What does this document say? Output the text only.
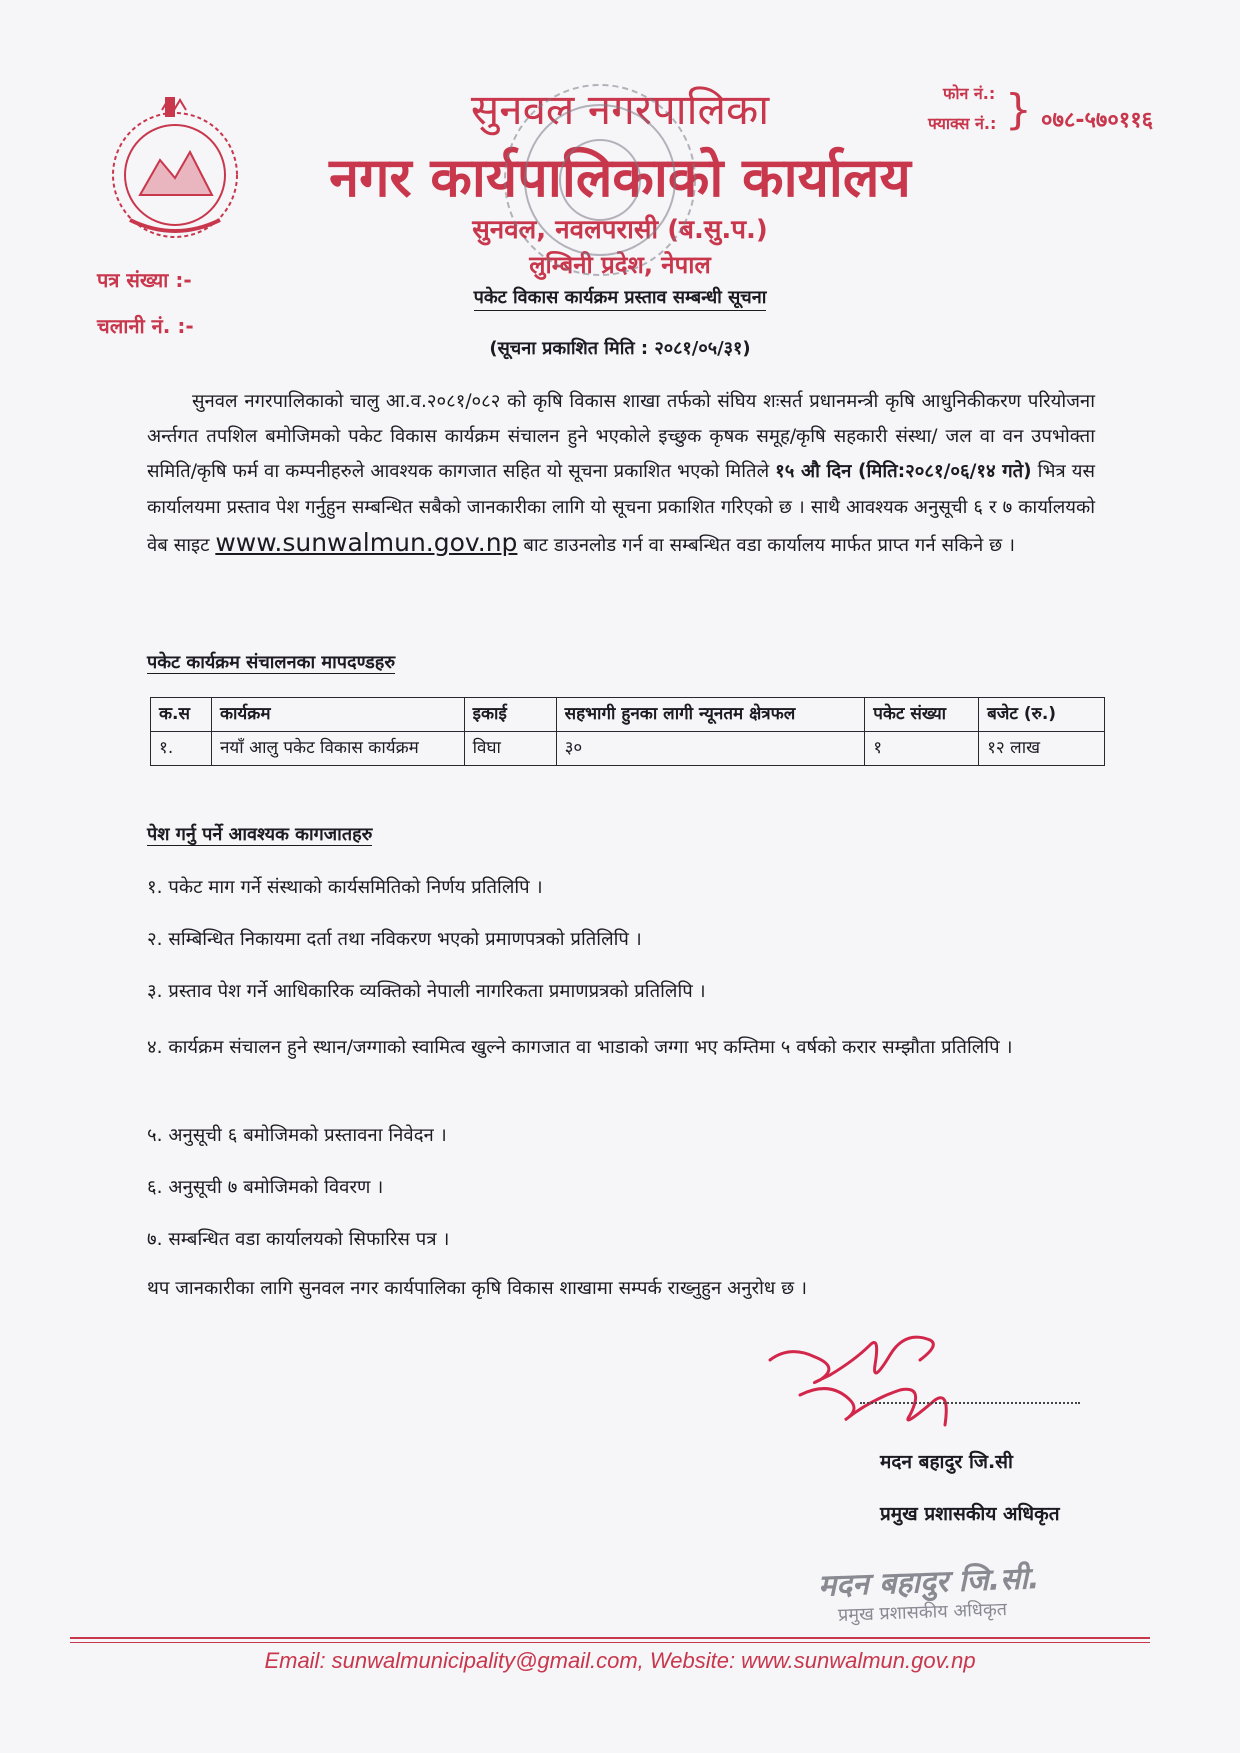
सुनवल नगरपालिका
नगर कार्यपालिकाको कार्यालय
सुनवल, नवलपरासी (ब.सु.प.)
लुम्बिनी प्रदेश, नेपाल
फोन नं.:
फ्याक्स नं.: } ०७८-५७०११६
पत्र संख्या :-
चलानी नं. :-
पकेट विकास कार्यक्रम प्रस्ताव सम्बन्धी सूचना
(सूचना प्रकाशित मिति : २०८१/०५/३१)

सुनवल नगरपालिकाको चालु आ.व.२०८१/०८२ को कृषि विकास शाखा तर्फको संघिय शःसर्त प्रधानमन्त्री कृषि आधुनिकीकरण परियोजना अर्न्तगत तपशिल बमोजिमको पकेट विकास कार्यक्रम संचालन हुने भएकोले इच्छुक कृषक समूह/कृषि सहकारी संस्था/ जल वा वन उपभोक्ता समिति/कृषि फर्म वा कम्पनीहरुले आवश्यक कागजात सहित यो सूचना प्रकाशित भएको मितिले १५ औ दिन (मिति:२०८१/०६/१४ गते) भित्र यस कार्यालयमा प्रस्ताव पेश गर्नुहुन सम्बन्धित सबैको जानकारीका लागि यो सूचना प्रकाशित गरिएको छ । साथै आवश्यक अनुसूची ६ र ७ कार्यालयको वेब साइट www.sunwalmun.gov.np बाट डाउनलोड गर्न वा सम्बन्धित वडा कार्यालय मार्फत प्राप्त गर्न सकिने छ ।

पकेट कार्यक्रम संचालनका मापदण्डहरु
क.स	कार्यक्रम	इकाई	सहभागी हुनका लागी न्यूनतम क्षेत्रफल	पकेट संख्या	बजेट (रु.)
१.	नयाँ आलु पकेट विकास कार्यक्रम	विघा	३०	१	१२ लाख
पेश गर्नु पर्ने आवश्यक कागजातहरु
१. पकेट माग गर्ने संस्थाको कार्यसमितिको निर्णय प्रतिलिपि ।
२. सम्बिन्धित निकायमा दर्ता तथा नविकरण भएको प्रमाणपत्रको प्रतिलिपि ।
३. प्रस्ताव पेश गर्ने आधिकारिक व्यक्तिको नेपाली नागरिकता प्रमाणप्रत्रको प्रतिलिपि ।
४. कार्यक्रम संचालन हुने स्थान/जग्गाको स्वामित्व खुल्ने कागजात वा भाडाको जग्गा भए कम्तिमा ५ वर्षको करार सम्झौता प्रतिलिपि ।
५. अनुसूची ६ बमोजिमको प्रस्तावना निवेदन ।
६. अनुसूची ७ बमोजिमको विवरण ।
७. सम्बन्धित वडा कार्यालयको सिफारिस पत्र ।
थप जानकारीका लागि सुनवल नगर कार्यपालिका कृषि विकास शाखामा सम्पर्क राख्नुहुन अनुरोध छ ।
मदन बहादुर जि.सी
प्रमुख प्रशासकीय अधिकृत
मदन बहादुर जि.सी.
प्रमुख प्रशासकीय अधिकृत
Email: sunwalmunicipality@gmail.com, Website: www.sunwalmun.gov.np
